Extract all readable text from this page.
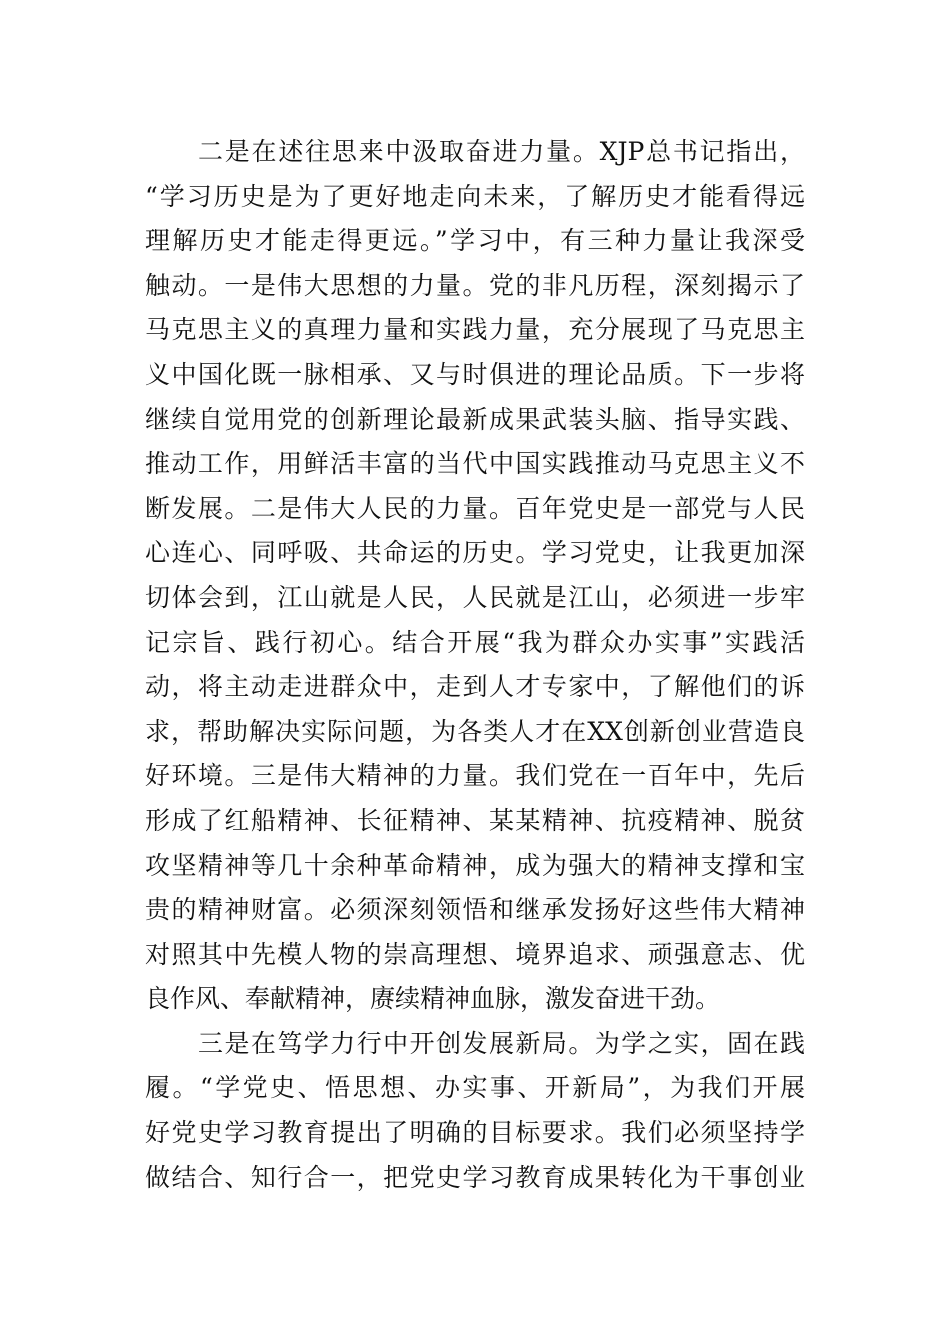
二是在述往思来中汲取奋进力量。XJP总书记指出，
“学习历史是为了更好地走向未来，了解历史才能看得远
理解历史才能走得更远。”学习中，有三种力量让我深受
触动。一是伟大思想的力量。党的非凡历程，深刻揭示了
马克思主义的真理力量和实践力量，充分展现了马克思主
义中国化既一脉相承、又与时俱进的理论品质。下一步将
继续自觉用党的创新理论最新成果武装头脑、指导实践、
推动工作，用鲜活丰富的当代中国实践推动马克思主义不
断发展。二是伟大人民的力量。百年党史是一部党与人民
心连心、同呼吸、共命运的历史。学习党史，让我更加深
切体会到，江山就是人民，人民就是江山，必须进一步牢
记宗旨、践行初心。结合开展“我为群众办实事”实践活
动，将主动走进群众中，走到人才专家中，了解他们的诉
求，帮助解决实际问题，为各类人才在XX创新创业营造良
好环境。三是伟大精神的力量。我们党在一百年中，先后
形成了红船精神、长征精神、某某精神、抗疫精神、脱贫
攻坚精神等几十余种革命精神，成为强大的精神支撑和宝
贵的精神财富。必须深刻领悟和继承发扬好这些伟大精神
对照其中先模人物的崇高理想、境界追求、顽强意志、优
良作风、奉献精神，赓续精神血脉，激发奋进干劲。
三是在笃学力行中开创发展新局。为学之实，固在践
履。“学党史、悟思想、办实事、开新局”，为我们开展
好党史学习教育提出了明确的目标要求。我们必须坚持学
做结合、知行合一，把党史学习教育成果转化为干事创业
